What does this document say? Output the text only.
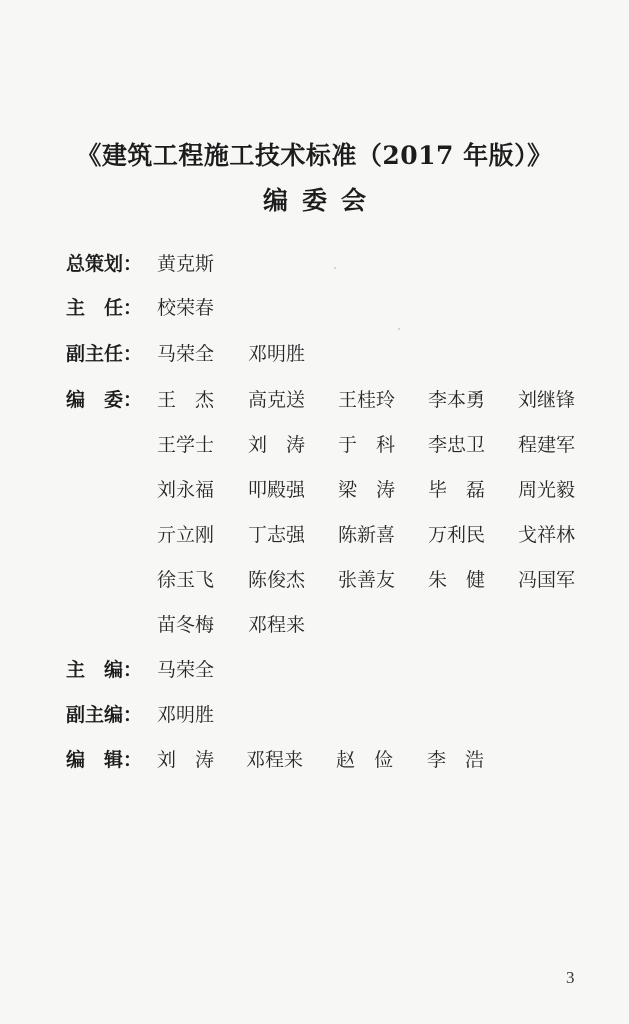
《建筑工程施工技术标准（2017 年版）》
编委会
总策划： 黄克斯
主　任： 校荣春
副主任： 马荣全 邓明胜
编　委： 王　杰 高克送 王桂玲 李本勇 刘继锋
王学士 刘　涛 于　科 李忠卫 程建军
刘永福 叩殿强 梁　涛 毕　磊 周光毅
亓立刚 丁志强 陈新喜 万利民 戈祥林
徐玉飞 陈俊杰 张善友 朱　健 冯国军
苗冬梅 邓程来
主　编： 马荣全
副主编： 邓明胜
编　辑： 刘　涛 邓程来 赵　俭 李　浩
3
